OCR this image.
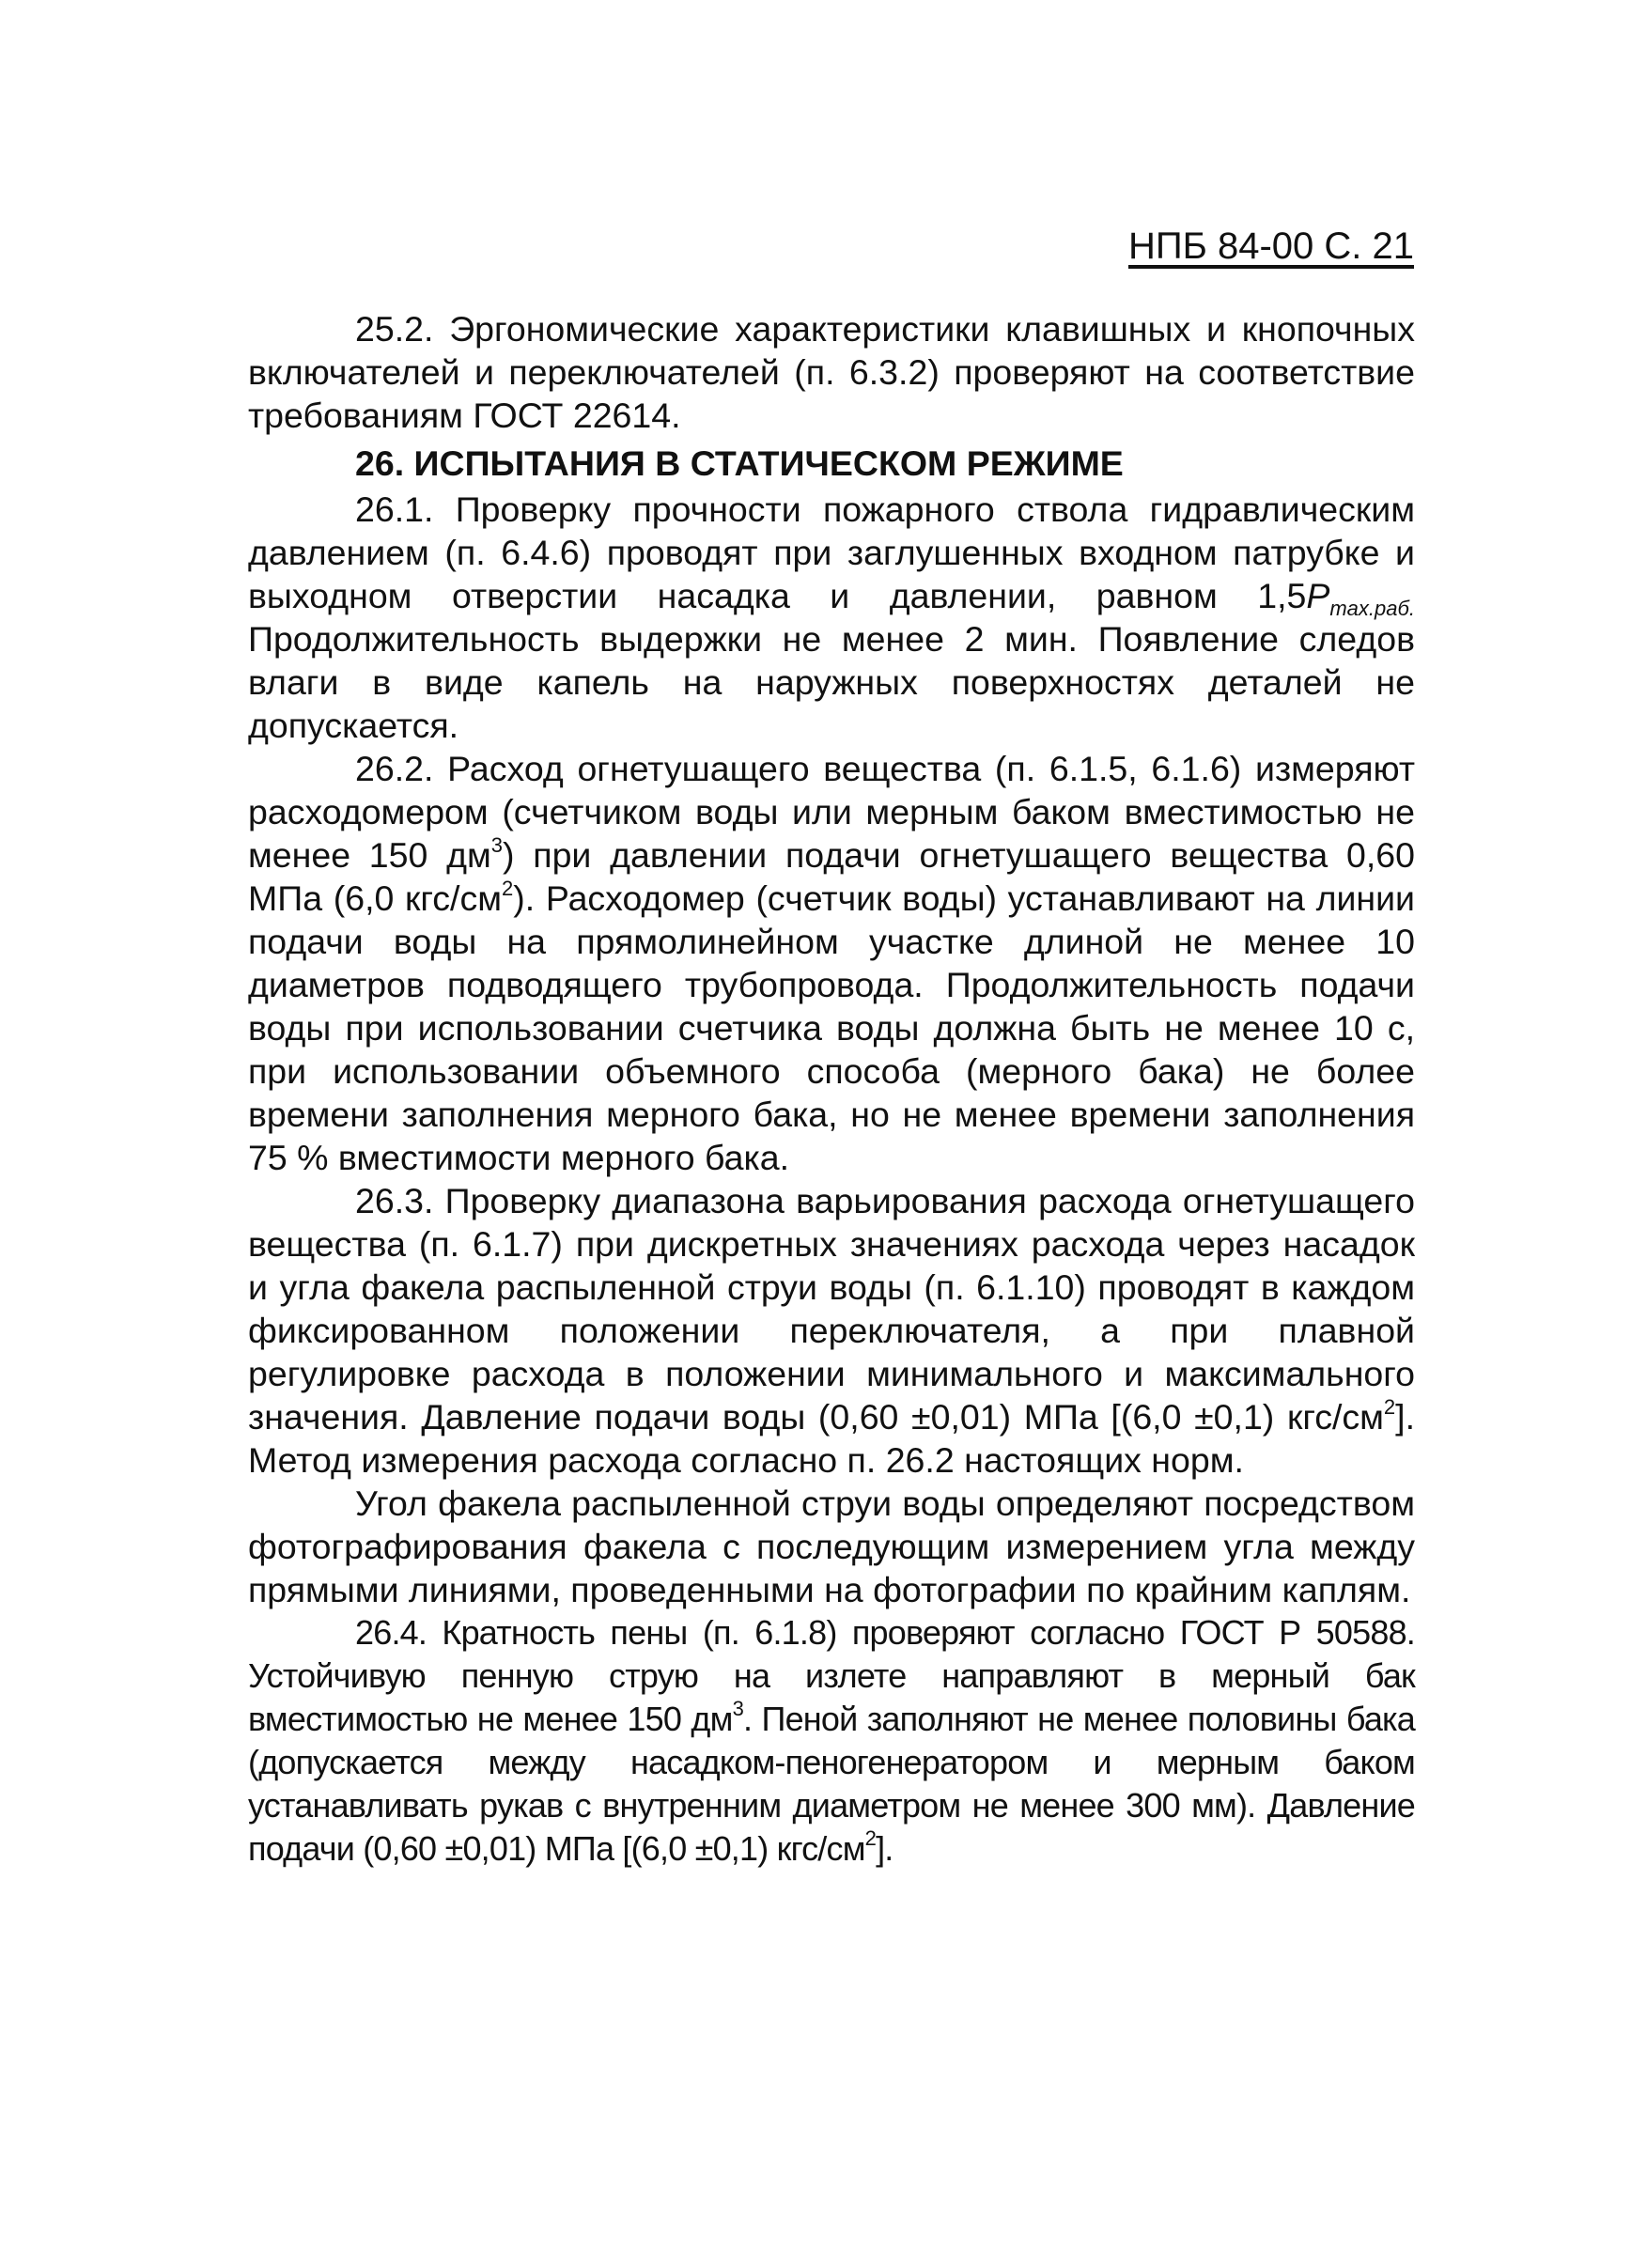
НПБ 84-00 С. 21

25.2. Эргономические характеристики клавишных и кнопочных включателей и переключателей (п. 6.3.2) проверяют на соответствие требованиям ГОСТ 22614.

26. ИСПЫТАНИЯ В СТАТИЧЕСКОМ РЕЖИМЕ

26.1. Проверку прочности пожарного ствола гидравлическим давлением (п. 6.4.6) проводят при заглушенных входном патрубке и выходном отверстии насадка и давлении, равном $1,5P_{max.раб.}$ Продолжительность выдержки не менее 2 мин. Появление следов влаги в виде капель на наружных поверхностях деталей не допускается.

26.2. Расход огнетушащего вещества (п. 6.1.5, 6.1.6) измеряют расходомером (счетчиком воды или мерным баком вместимостью не менее 150 $дм^3$) при давлении подачи огнетушащего вещества 0,60 МПа (6,0 кгс/$см^2$). Расходомер (счетчик воды) устанавливают на линии подачи воды на прямолинейном участке длиной не менее 10 диаметров подводящего трубопровода. Продолжительность подачи воды при использовании счетчика воды должна быть не менее 10 с, при использовании объемного способа (мерного бака) не более времени заполнения мерного бака, но не менее времени заполнения 75 % вместимости мерного бака.

26.3. Проверку диапазона варьирования расхода огнетушащего вещества (п. 6.1.7) при дискретных значениях расхода через насадок и угла факела распыленной струи воды (п. 6.1.10) проводят в каждом фиксированном положении переключателя, а при плавной регулировке расхода в положении минимального и максимального значения. Давление подачи воды (0,60 ±0,01) МПа [(6,0 ±0,1) кгс/$см^2$]. Метод измерения расхода согласно п. 26.2 настоящих норм.

Угол факела распыленной струи воды определяют посредством фотографирования факела с последующим измерением угла между прямыми линиями, проведенными на фотографии по крайним каплям.

26.4. Кратность пены (п. 6.1.8) проверяют согласно ГОСТ Р 50588. Устойчивую пенную струю на излете направляют в мерный бак вместимостью не менее 150 $дм^3$. Пеной заполняют не менее половины бака (допускается между насадком-пеногенератором и мерным баком устанавливать рукав с внутренним диаметром не менее 300 мм). Давление подачи (0,60 ±0,01) МПа [(6,0 ±0,1) кгс/$см^2$].
